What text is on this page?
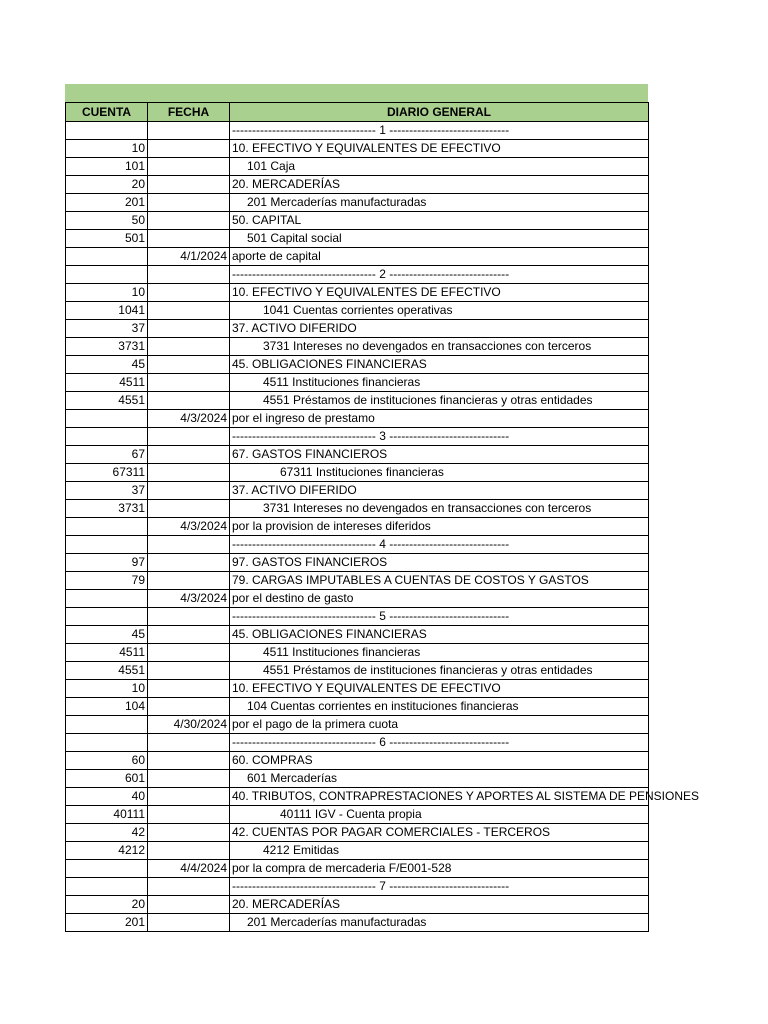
CUENTA	FECHA	DIARIO GENERAL
		------------------------------------ 1 ------------------------------
10		10. EFECTIVO Y EQUIVALENTES DE EFECTIVO
101		101 Caja
20		20. MERCADERÍAS
201		201 Mercaderías manufacturadas
50		50. CAPITAL
501		501 Capital social
	4/1/2024	aporte de capital
		------------------------------------ 2 ------------------------------
10		10. EFECTIVO Y EQUIVALENTES DE EFECTIVO
1041		1041 Cuentas corrientes operativas
37		37. ACTIVO DIFERIDO
3731		3731 Intereses no devengados en transacciones con terceros
45		45. OBLIGACIONES FINANCIERAS
4511		4511 Instituciones financieras
4551		4551 Préstamos de instituciones financieras y otras entidades
	4/3/2024	por el ingreso de prestamo
		------------------------------------ 3 ------------------------------
67		67. GASTOS FINANCIEROS
67311		67311 Instituciones financieras
37		37. ACTIVO DIFERIDO
3731		3731 Intereses no devengados en transacciones con terceros
	4/3/2024	por la provision de intereses diferidos
		------------------------------------ 4 ------------------------------
97		97. GASTOS FINANCIEROS
79		79. CARGAS IMPUTABLES A CUENTAS DE COSTOS Y GASTOS
	4/3/2024	por el destino de gasto
		------------------------------------ 5 ------------------------------
45		45. OBLIGACIONES FINANCIERAS
4511		4511 Instituciones financieras
4551		4551 Préstamos de instituciones financieras y otras entidades
10		10. EFECTIVO Y EQUIVALENTES DE EFECTIVO
104		104 Cuentas corrientes en instituciones financieras
	4/30/2024	por el pago de la primera cuota
		------------------------------------ 6 ------------------------------
60		60. COMPRAS
601		601 Mercaderías
40		40. TRIBUTOS, CONTRAPRESTACIONES Y APORTES AL SISTEMA DE PENSIONES
40111		40111 IGV - Cuenta propia
42		42. CUENTAS POR PAGAR COMERCIALES - TERCEROS
4212		4212 Emitidas
	4/4/2024	por la compra de mercaderia F/E001-528
		------------------------------------ 7 ------------------------------
20		20. MERCADERÍAS
201		201 Mercaderías manufacturadas
